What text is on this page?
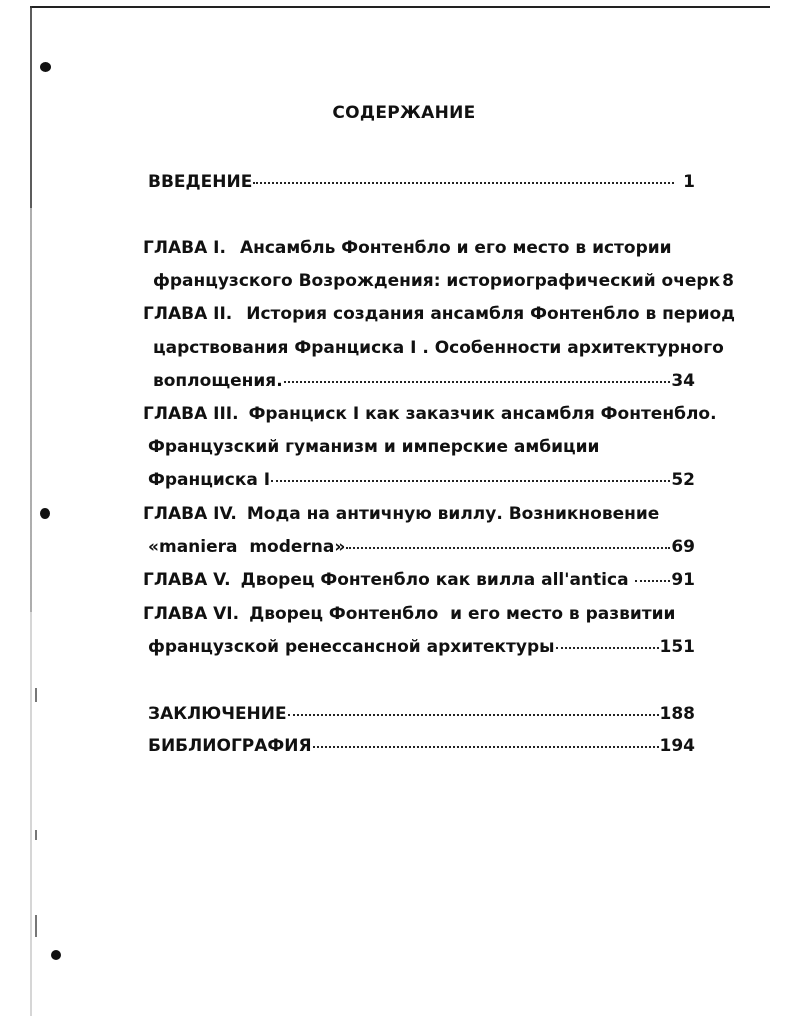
СОДЕРЖАНИЕ
ВВЕДЕНИЕ	1
ГЛАВА I. Ансамбль Фонтенбло и его место в истории
французского Возрождения: историографический очерк 8
ГЛАВА II. История создания ансамбля Фонтенбло в период
царствования Франциска I . Особенности архитектурного
воплощения.	34
ГЛАВА III. Франциск I как заказчик ансамбля Фонтенбло.
Французский гуманизм и имперские амбиции
Франциска I	52
ГЛАВА IV. Мода на античную виллу. Возникновение
«maniera  moderna»	69
ГЛАВА V. Дворец Фонтенбло как вилла all'antica 91
ГЛАВА VI. Дворец Фонтенбло  и его место в развитии
французской ренессансной архитектуры	151
ЗАКЛЮЧЕНИЕ	188
БИБЛИОГРАФИЯ	194
